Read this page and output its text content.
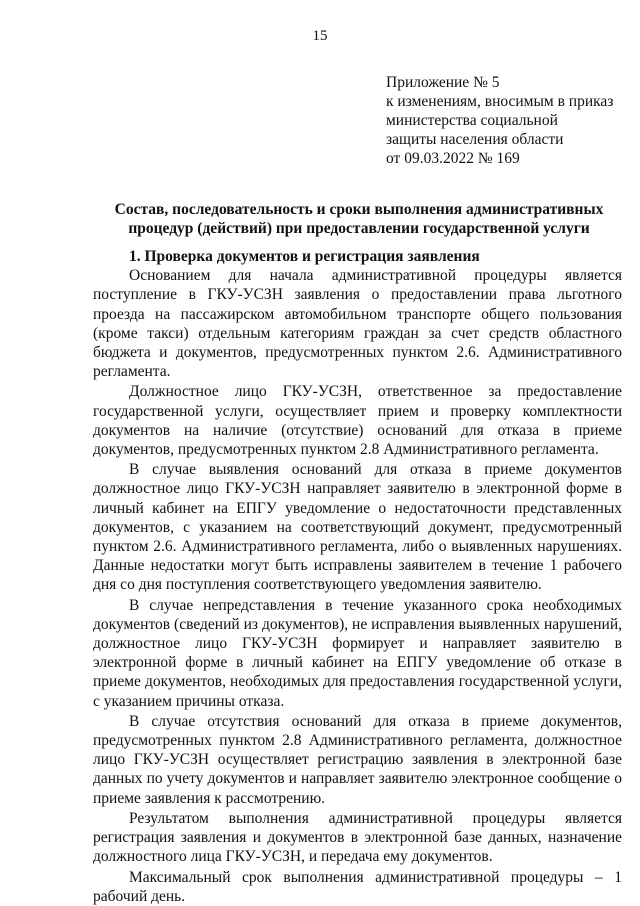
15
Приложение № 5
к изменениям, вносимым в приказ
министерства социальной
защиты населения области
от 09.03.2022 № 169
Состав, последовательность и сроки выполнения административных
процедур (действий) при предоставлении государственной услуги

1. Проверка документов и регистрация заявления

Основанием для начала административной процедуры является поступление в ГКУ-УСЗН заявления о предоставлении права льготного проезда на пассажирском автомобильном транспорте общего пользования (кроме такси) отдельным категориям граждан за счет средств областного бюджета и документов, предусмотренных пунктом 2.6. Административного регламента.

Должностное лицо ГКУ-УСЗН, ответственное за предоставление государственной услуги, осуществляет прием и проверку комплектности документов на наличие (отсутствие) оснований для отказа в приеме документов, предусмотренных пунктом 2.8 Административного регламента.

В случае выявления оснований для отказа в приеме документов должностное лицо ГКУ-УСЗН направляет заявителю в электронной форме в личный кабинет на ЕПГУ уведомление о недостаточности представленных документов, с указанием на соответствующий документ, предусмотренный пунктом 2.6. Административного регламента, либо о выявленных нарушениях. Данные недостатки могут быть исправлены заявителем в течение 1 рабочего дня со дня поступления соответствующего уведомления заявителю.

В случае непредставления в течение указанного срока необходимых документов (сведений из документов), не исправления выявленных нарушений, должностное лицо ГКУ-УСЗН формирует и направляет заявителю в электронной форме в личный кабинет на ЕПГУ уведомление об отказе в приеме документов, необходимых для предоставления государственной услуги, с указанием причины отказа.

В случае отсутствия оснований для отказа в приеме документов, предусмотренных пунктом 2.8 Административного регламента, должностное лицо ГКУ-УСЗН осуществляет регистрацию заявления в электронной базе данных по учету документов и направляет заявителю электронное сообщение о приеме заявления к рассмотрению.

Результатом выполнения административной процедуры является регистрация заявления и документов в электронной базе данных, назначение должностного лица ГКУ-УСЗН, и передача ему документов.

Максимальный срок выполнения административной процедуры – 1 рабочий день.
